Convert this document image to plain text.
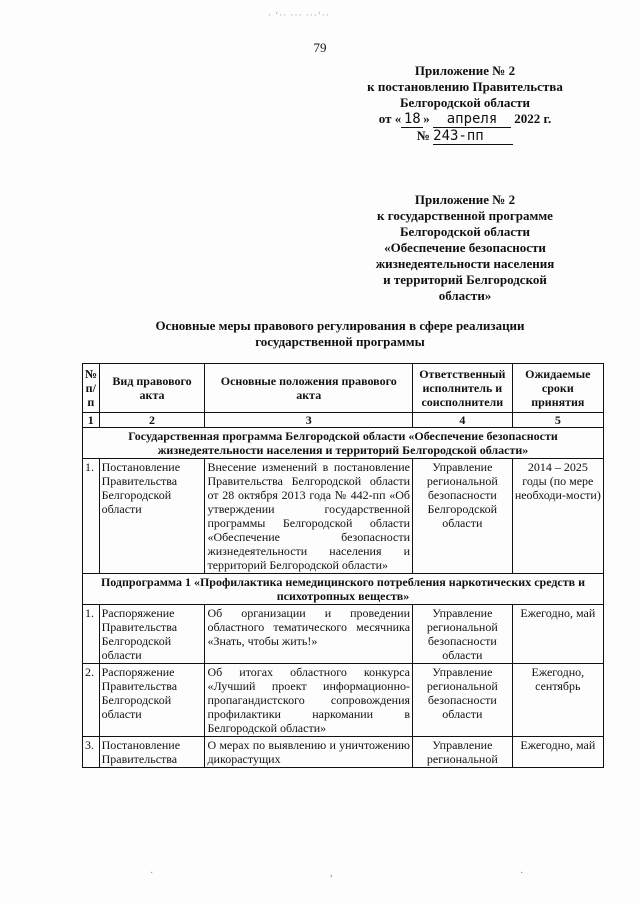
· ʻ·· ··· ···ʻ··
79
Приложение № 2
к постановлению Правительства
Белгородской области
от « 18 » апреля 2022 г.
№ 243-пп
Приложение № 2
к государственной программе
Белгородской области
«Обеспечение безопасности
жизнедеятельности населения
и территорий Белгородской
области»
Основные меры правового регулирования в сфере реализации
государственной программы
№ п/п	Вид правового акта	Основные положения правового акта	Ответственный исполнитель и соисполнители	Ожидаемые сроки принятия
1	2	3	4	5
Государственная программа Белгородской области «Обеспечение безопасности жизнедеятельности населения и территорий Белгородской области»				
1.	Постановление Правительства Белгородской области	Внесение изменений в постановление Правительства Белгородской области от 28 октября 2013 года № 442-пп «Об утверждении государственной программы Белгородской области «Обеспечение безопасности жизнедеятельности населения и территорий Белгородской области»	Управление региональной безопасности Белгородской области	2014 – 2025 годы (по мере необходи-мости)
Подпрограмма 1 «Профилактика немедицинского потребления наркотических средств и психотропных веществ»				
1.	Распоряжение Правительства Белгородской области	Об организации и проведении областного тематического месячника «Знать, чтобы жить!»	Управление региональной безопасности области	Ежегодно, май
2.	Распоряжение Правительства Белгородской области	Об итогах областного конкурса «Лучший проект информационно-пропагандистского сопровождения профилактики наркомании в Белгородской области»	Управление региональной безопасности области	Ежегодно, сентябрь
3.	Постановление Правительства	О мерах по выявлению и уничтожению дикорастущих	Управление региональной	Ежегодно, май
·	,	·
